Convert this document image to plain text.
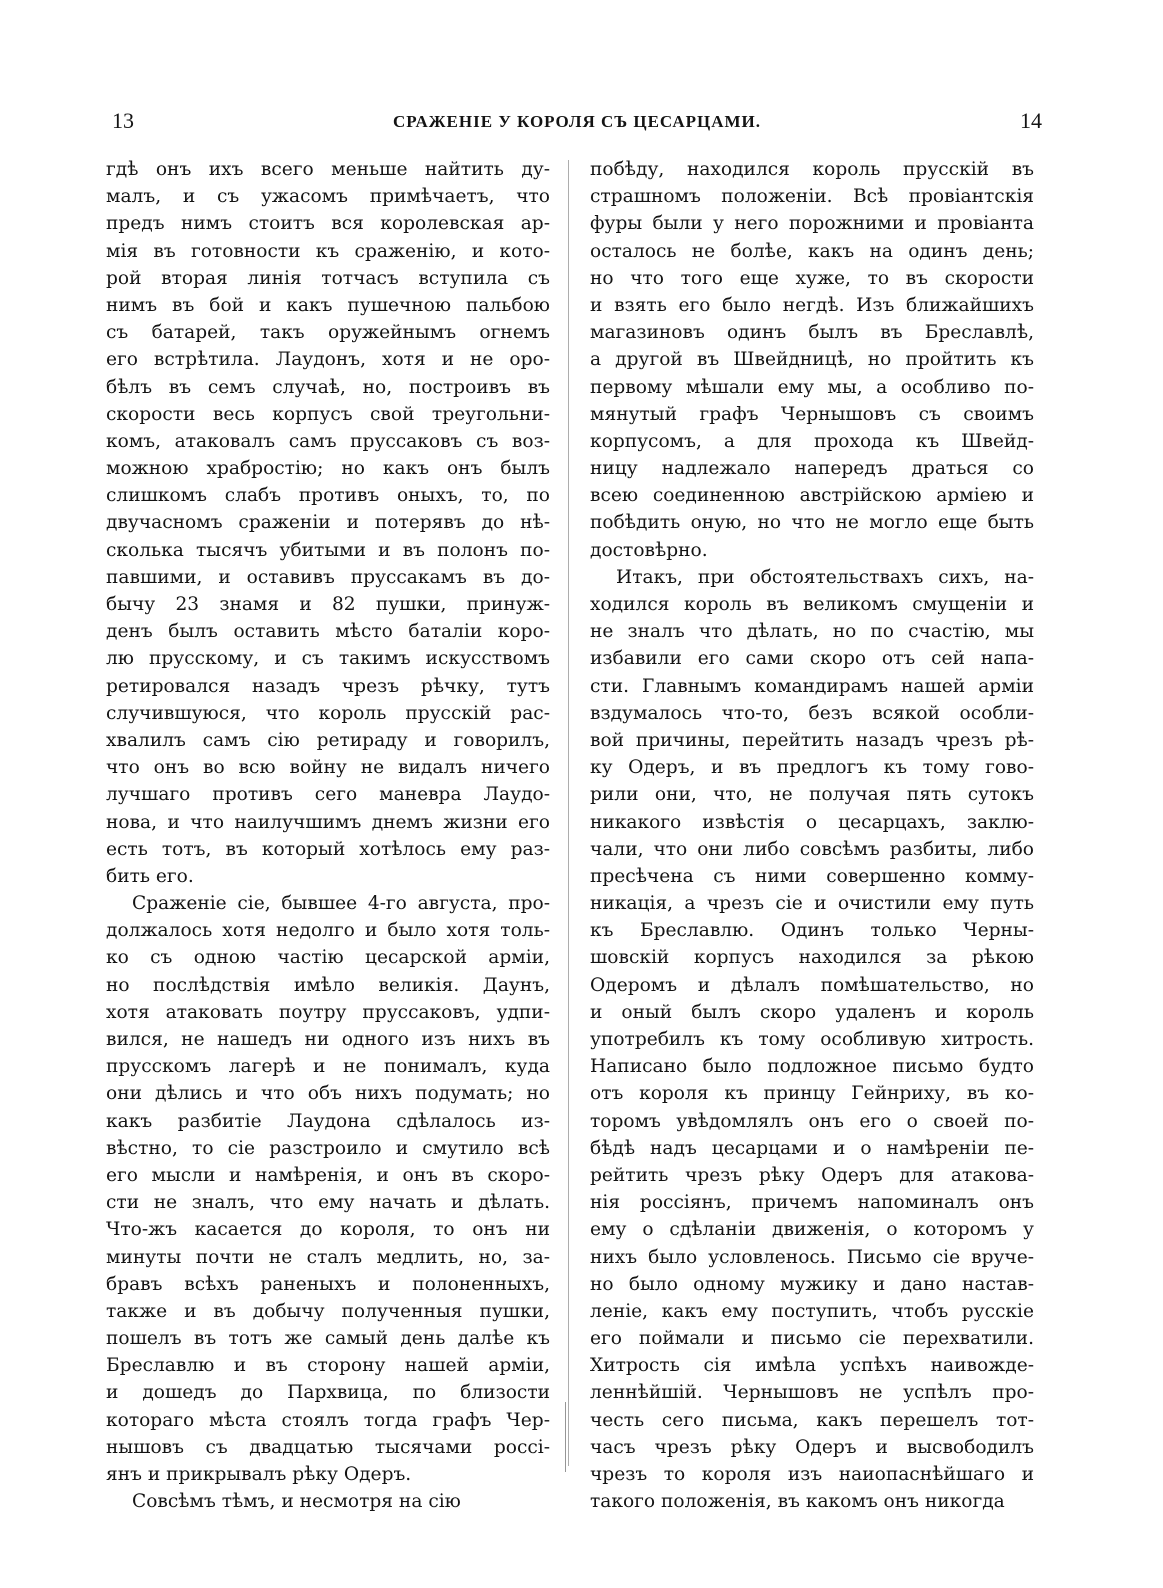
13	СРАЖЕНІЕ У КОРОЛЯ СЪ ЦЕСАРЦАМИ.	14
гдѣ онъ ихъ всего меньше найтить ду-
малъ, и съ ужасомъ примѣчаетъ, что
предъ нимъ стоитъ вся королевская ар-
мія въ готовности къ сраженію, и кото-
рой вторая линія тотчасъ вступила съ
нимъ въ бой и какъ пушечною пальбою
съ батарей, такъ оружейнымъ огнемъ
его встрѣтила. Лаудонъ, хотя и не оро-
бѣлъ въ семъ случаѣ, но, построивъ въ
скорости весь корпусъ свой треугольни-
комъ, атаковалъ самъ пруссаковъ съ воз-
можною храбростію; но какъ онъ былъ
слишкомъ слабъ противъ оныхъ, то, по
двучасномъ сраженіи и потерявъ до нѣ-
сколька тысячъ убитыми и въ полонъ по-
павшими, и оставивъ пруссакамъ въ до-
бычу 23 знамя и 82 пушки, принуж-
денъ былъ оставить мѣсто баталіи коро-
лю прусскому, и съ такимъ искусствомъ
ретировался назадъ чрезъ рѣчку, тутъ
случившуюся, что король прусскій рас-
хвалилъ самъ сію ретираду и говорилъ,
что онъ во всю войну не видалъ ничего
лучшаго противъ сего маневра Лаудо-
нова, и что наилучшимъ днемъ жизни его
есть тотъ, въ который хотѣлось ему раз-
бить его.
Сраженіе сіе, бывшее 4-го августа, про-
должалось хотя недолго и было хотя толь-
ко съ одною частію цесарской арміи,
но послѣдствія имѣло великія. Даунъ,
хотя атаковать поутру пруссаковъ, удпи-
вился, не нашедъ ни одного изъ нихъ въ
прусскомъ лагерѣ и не понималъ, куда
они дѣлись и что объ нихъ подумать; но
какъ разбитіе Лаудона сдѣлалось из-
вѣстно, то сіе разстроило и смутило всѣ
его мысли и намѣренія, и онъ въ скоро-
сти не зналъ, что ему начать и дѣлать.
Что-жъ касается до короля, то онъ ни
минуты почти не сталъ медлить, но, за-
бравъ всѣхъ раненыхъ и полоненныхъ,
также и въ добычу полученныя пушки,
пошелъ въ тотъ же самый день далѣе къ
Бреславлю и въ сторону нашей арміи,
и дошедъ до Пархвица, по близости
котораго мѣста стоялъ тогда графъ Чер-
нышовъ съ двадцатью тысячами россі-
янъ и прикрывалъ рѣку Одеръ.
Совсѣмъ тѣмъ, и несмотря на сію
побѣду, находился король прусскій въ
страшномъ положеніи. Всѣ провіантскія
фуры были у него порожними и провіанта
осталось не болѣе, какъ на одинъ день;
но что того еще хуже, то въ скорости
и взять его было негдѣ. Изъ ближайшихъ
магазиновъ одинъ былъ въ Бреславлѣ,
а другой въ Швейдницѣ, но пройтить къ
первому мѣшали ему мы, а особливо по-
мянутый графъ Чернышовъ съ своимъ
корпусомъ, а для прохода къ Швейд-
ницу надлежало напередъ драться со
всею соединенною австрійскою арміею и
побѣдить оную, но что не могло еще быть
достовѣрно.
Итакъ, при обстоятельствахъ сихъ, на-
ходился король въ великомъ смущеніи и
не зналъ что дѣлать, но по счастію, мы
избавили его сами скоро отъ сей напа-
сти. Главнымъ командирамъ нашей арміи
вздумалось что-то, безъ всякой особли-
вой причины, перейтить назадъ чрезъ рѣ-
ку Одеръ, и въ предлогъ къ тому гово-
рили они, что, не получая пять сутокъ
никакого извѣстія о цесарцахъ, заклю-
чали, что они либо совсѣмъ разбиты, либо
пресѣчена съ ними совершенно комму-
никація, а чрезъ сіе и очистили ему путь
къ Бреславлю. Одинъ только Черны-
шовскій корпусъ находился за рѣкою
Одеромъ и дѣлалъ помѣшательство, но
и оный былъ скоро удаленъ и король
употребилъ къ тому особливую хитрость.
Написано было подложное письмо будто
отъ короля къ принцу Гейнриху, въ ко-
торомъ увѣдомлялъ онъ его о своей по-
бѣдѣ надъ цесарцами и о намѣреніи пе-
рейтить чрезъ рѣку Одеръ для атакова-
нія россіянъ, причемъ напоминалъ онъ
ему о сдѣланіи движенія, о которомъ у
нихъ было условленось. Письмо сіе вруче-
но было одному мужику и дано настав-
леніе, какъ ему поступить, чтобъ русскіе
его поймали и письмо сіе перехватили.
Хитрость сія имѣла успѣхъ наивожде-
леннѣйшій. Чернышовъ не успѣлъ про-
честь сего письма, какъ перешелъ тот-
часъ чрезъ рѣку Одеръ и высвободилъ
чрезъ то короля изъ наиопаснѣйшаго и
такого положенія, въ какомъ онъ никогда
